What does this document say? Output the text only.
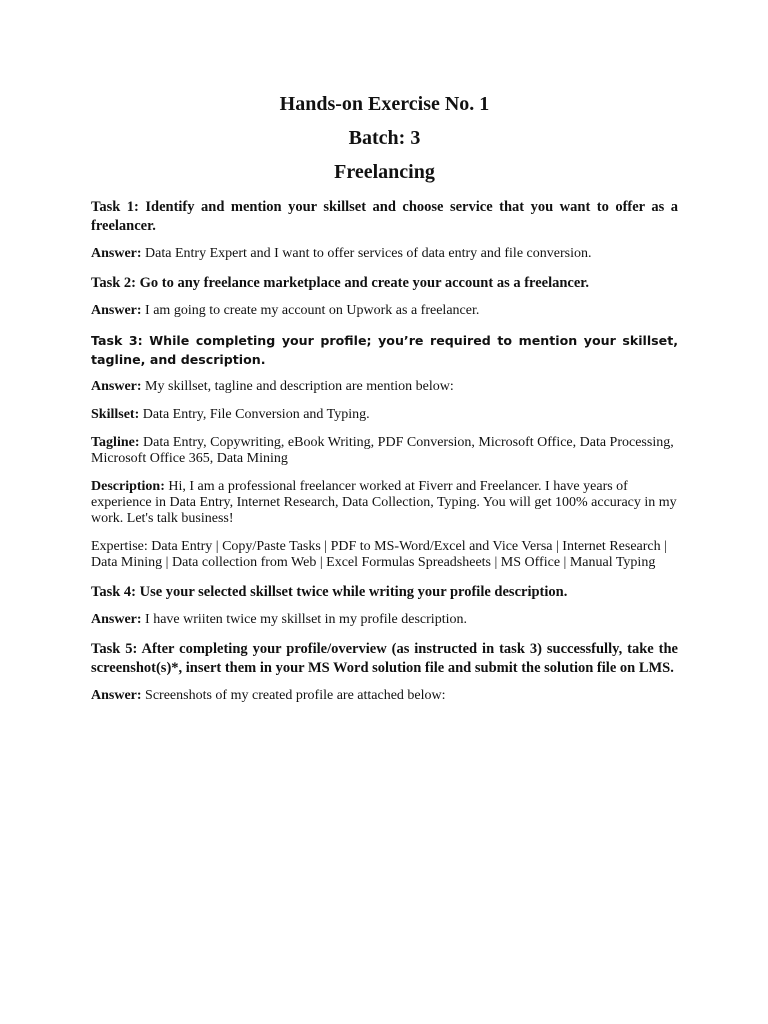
Hands-on Exercise No. 1

Batch: 3

Freelancing

Task 1: Identify and mention your skillset and choose service that you want to offer as a freelancer.

Answer: Data Entry Expert and I want to offer services of data entry and file conversion.

Task 2: Go to any freelance marketplace and create your account as a freelancer.

Answer: I am going to create my account on Upwork as a freelancer.

Task 3: While completing your profile; you’re required to mention your skillset, tagline, and description.

Answer: My skillset, tagline and description are mention below:

Skillset: Data Entry, File Conversion and Typing.

Tagline: Data Entry, Copywriting, eBook Writing, PDF Conversion, Microsoft Office, Data Processing, Microsoft Office 365, Data Mining

Description: Hi, I am a professional freelancer worked at Fiverr and Freelancer. I have years of experience in Data Entry, Internet Research, Data Collection, Typing. You will get 100% accuracy in my work. Let's talk business!

Expertise: Data Entry | Copy/Paste Tasks | PDF to MS-Word/Excel and Vice Versa | Internet Research | Data Mining | Data collection from Web | Excel Formulas Spreadsheets | MS Office | Manual Typing

Task 4: Use your selected skillset twice while writing your profile description.

Answer: I have wriiten twice my skillset in my profile description.

Task 5: After completing your profile/overview (as instructed in task 3) successfully, take the screenshot(s)*, insert them in your MS Word solution file and submit the solution file on LMS.

Answer: Screenshots of my created profile are attached below:
